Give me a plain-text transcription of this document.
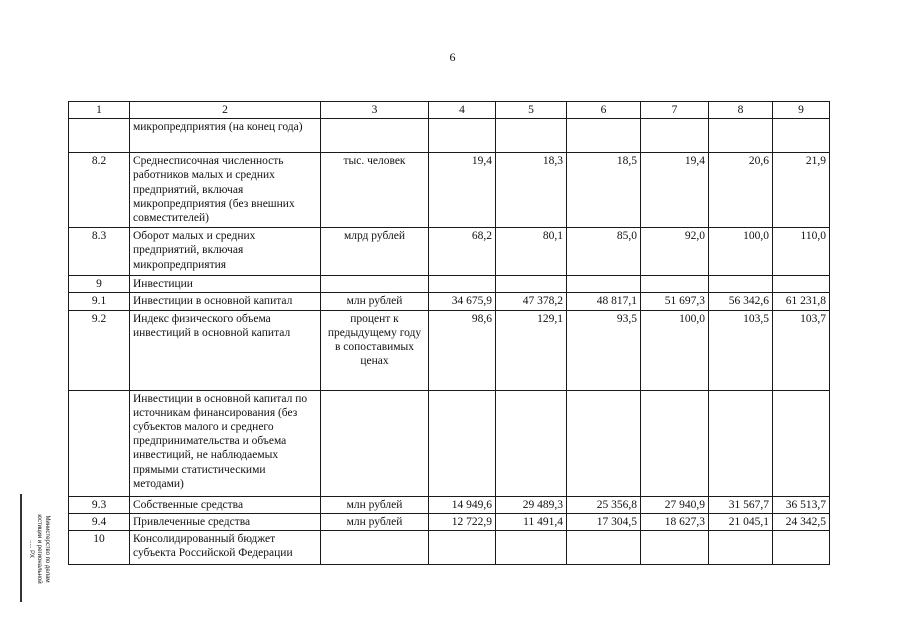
6
1	2	3	4	5	6	7	8	9
	микропредприятия (на конец года)							
8.2	Среднесписочная численность работников малых и средних предприятий, включая микропредприятия (без внешних совместителей)	тыс. человек	19,4	18,3	18,5	19,4	20,6	21,9
8.3	Оборот малых и средних предприятий, включая микропредприятия	млрд рублей	68,2	80,1	85,0	92,0	100,0	110,0
9	Инвестиции							
9.1	Инвестиции в основной капитал	млн рублей	34 675,9	47 378,2	48 817,1	51 697,3	56 342,6	61 231,8
9.2	Индекс физического объема инвестиций в основной капитал	процент к предыдущему году в сопоставимых ценах	98,6	129,1	93,5	100,0	103,5	103,7
	Инвестиции в основной капитал по источникам финансирования (без субъектов малого и среднего предпринимательства и объема инвестиций, не наблюдаемых прямыми статистическими методами)							
9.3	Собственные средства	млн рублей	14 949,6	29 489,3	25 356,8	27 940,9	31 567,7	36 513,7
9.4	Привлеченные средства	млн рублей	12 722,9	11 491,4	17 304,5	18 627,3	21 045,1	24 342,5
10	Консолидированный бюджет субъекта Российской Федерации							
Министерство по делам
юстиции и региональной
..... РХ
